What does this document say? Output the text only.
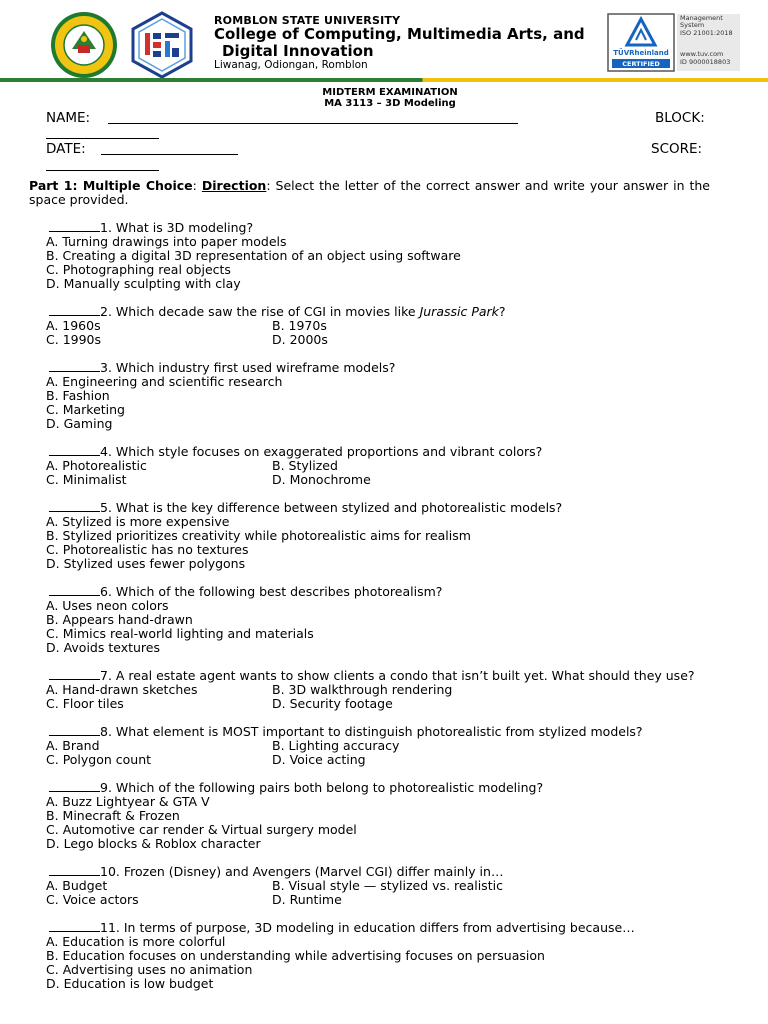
ROMBLON STATE UNIVERSITY
College of Computing, Multimedia Arts, and
Digital Innovation
Liwanag, Odiongan, Romblon
TÜVRheinland
CERTIFIED
Management
System
ISO 21001:2018
www.tuv.com
ID 9000018803
MIDTERM EXAMINATION
MA 3113 – 3D Modeling
NAME:	BLOCK:
DATE:	SCORE:
Part 1: Multiple Choice: Direction: Select the letter of the correct answer and write your answer in the space provided.
1. What is 3D modeling?
A. Turning drawings into paper models
B. Creating a digital 3D representation of an object using software
C. Photographing real objects
D. Manually sculpting with clay
2. Which decade saw the rise of CGI in movies like Jurassic Park?
A. 1960s	B. 1970s
C. 1990s	D. 2000s
3. Which industry first used wireframe models?
A. Engineering and scientific research
B. Fashion
C. Marketing
D. Gaming
4. Which style focuses on exaggerated proportions and vibrant colors?
A. Photorealistic	B. Stylized
C. Minimalist	D. Monochrome
5. What is the key difference between stylized and photorealistic models?
A. Stylized is more expensive
B. Stylized prioritizes creativity while photorealistic aims for realism
C. Photorealistic has no textures
D. Stylized uses fewer polygons
6. Which of the following best describes photorealism?
A. Uses neon colors
B. Appears hand-drawn
C. Mimics real-world lighting and materials
D. Avoids textures
7. A real estate agent wants to show clients a condo that isn’t built yet. What should they use?
A. Hand-drawn sketches	B. 3D walkthrough rendering
C. Floor tiles	D. Security footage
8. What element is MOST important to distinguish photorealistic from stylized models?
A. Brand	B. Lighting accuracy
C. Polygon count	D. Voice acting
9. Which of the following pairs both belong to photorealistic modeling?
A. Buzz Lightyear & GTA V
B. Minecraft & Frozen
C. Automotive car render & Virtual surgery model
D. Lego blocks & Roblox character
10. Frozen (Disney) and Avengers (Marvel CGI) differ mainly in…
A. Budget	B. Visual style — stylized vs. realistic
C. Voice actors	D. Runtime
11. In terms of purpose, 3D modeling in education differs from advertising because…
A. Education is more colorful
B. Education focuses on understanding while advertising focuses on persuasion
C. Advertising uses no animation
D. Education is low budget
